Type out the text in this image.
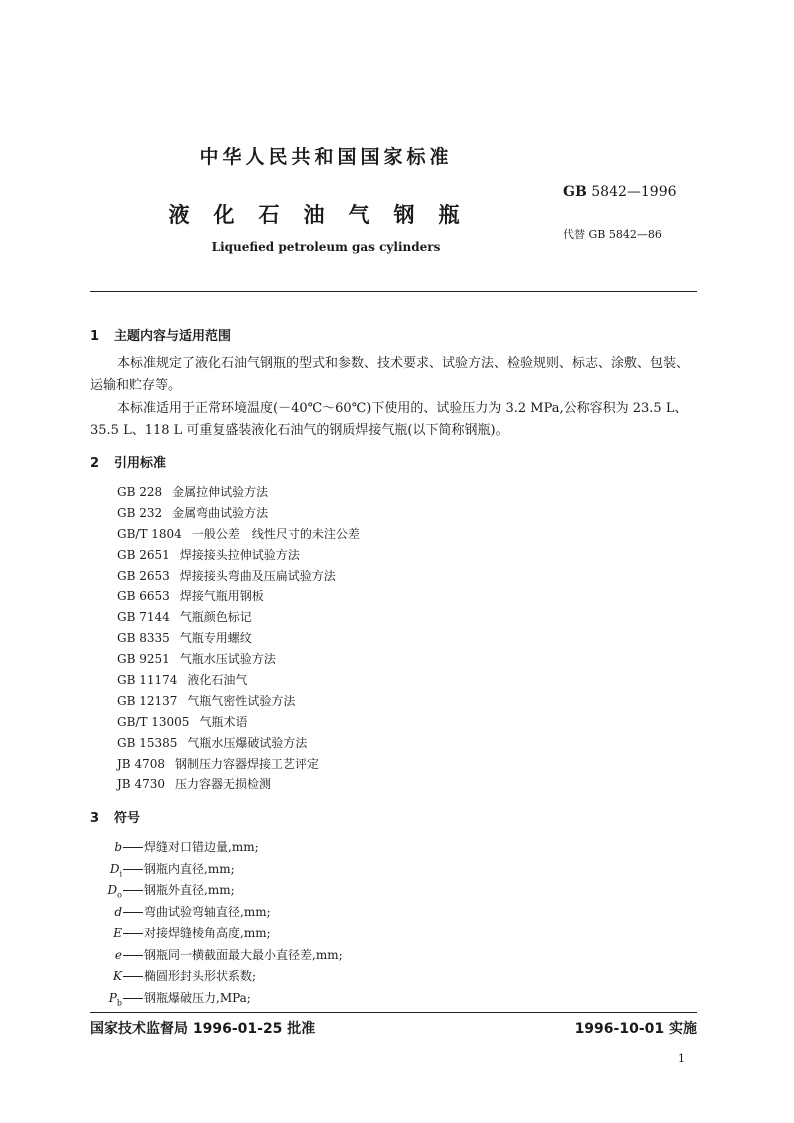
中华人民共和国国家标准
液化石油气钢瓶
Liquefied petroleum gas cylinders
GB 5842—1996
代替 GB 5842—86
1 主题内容与适用范围
本标准规定了液化石油气钢瓶的型式和参数、技术要求、试验方法、检验规则、标志、涂敷、包装、运输和贮存等。
本标准适用于正常环境温度(－40℃～60℃)下使用的、试验压力为 3.2 MPa,公称容积为 23.5 L、35.5 L、118 L 可重复盛装液化石油气的钢质焊接气瓶(以下简称钢瓶)。
2 引用标准
GB 228 金属拉伸试验方法
GB 232 金属弯曲试验方法
GB/T 1804 一般公差　线性尺寸的未注公差
GB 2651 焊接接头拉伸试验方法
GB 2653 焊接接头弯曲及压扁试验方法
GB 6653 焊接气瓶用钢板
GB 7144 气瓶颜色标记
GB 8335 气瓶专用螺纹
GB 9251 气瓶水压试验方法
GB 11174 液化石油气
GB 12137 气瓶气密性试验方法
GB/T 13005 气瓶术语
GB 15385 气瓶水压爆破试验方法
JB 4708 钢制压力容器焊接工艺评定
JB 4730 压力容器无损检测
3 符号
b 焊缝对口错边量,mm;
$D_i$ 钢瓶内直径,mm;
$D_o$ 钢瓶外直径,mm;
d 弯曲试验弯轴直径,mm;
E 对接焊缝棱角高度,mm;
e 钢瓶同一横截面最大最小直径差,mm;
K 椭圆形封头形状系数;
$P_b$ 钢瓶爆破压力,MPa;
国家技术监督局 1996-01-25 批准	1996-10-01 实施
1
